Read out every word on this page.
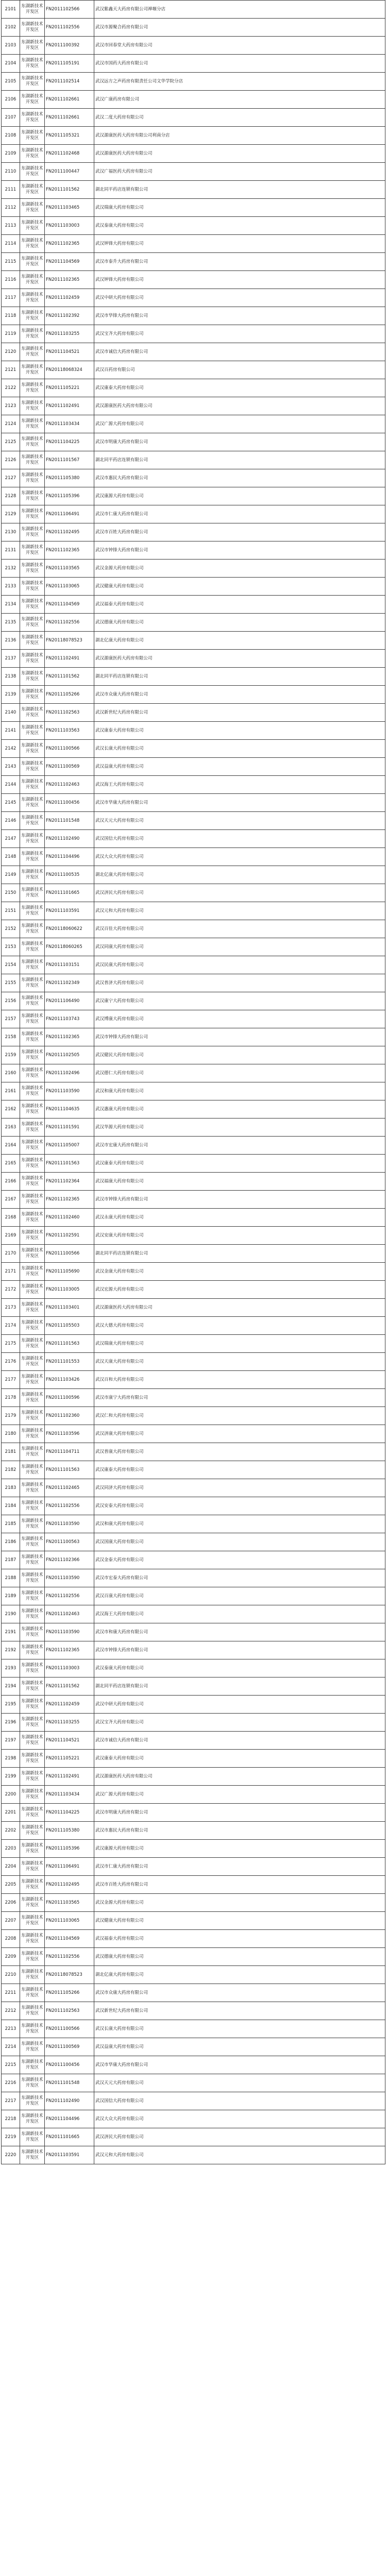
2101	东湖新技术开发区	FN2011102566	武汉紫鑫天大药房有限公司禅堰分店
2102	东湖新技术开发区	FN2011102556	武汉市源聚合药房有限公司
2103	东湖新技术开发区	FN2011100392	武汉市回春堂大药房有限公司
2104	东湖新技术开发区	FN2011105191	武汉市国药大药房有限公司
2105	东湖新技术开发区	FN2011102514	武汉远方之声药房有限责任公司文华学院分店
2106	东湖新技术开发区	FN2011102661	武汉广康药房有限公司
2107	东湖新技术开发区	FN2011102661	武汉二度大药房有限公司
2108	东湖新技术开发区	FN2011105321	武汉源康医药大药房有限公司利南分店
2109	东湖新技术开发区	FN2011102468	武汉源康医药大药房有限公司
2110	东湖新技术开发区	FN2011100447	武汉广福医药大药房有限公司
2111	东湖新技术开发区	FN2011101562	湖北同平药店连锁有限公司
2112	东湖新技术开发区	FN2011103465	武汉瑞康大药房有限公司
2113	东湖新技术开发区	FN2011103003	武汉泰康大药房有限公司
2114	东湖新技术开发区	FN2011102365	武汉钟锋大药房有限公司
2115	东湖新技术开发区	FN2011104569	武汉市泰升大药房有限公司
2116	东湖新技术开发区	FN2011102365	武汉钟锋大药房有限公司
2117	东湖新技术开发区	FN2011102459	武汉中研大药房有限公司
2118	东湖新技术开发区	FN2011102392	武汉市华锋大药房有限公司
2119	东湖新技术开发区	FN2011103255	武汉宝齐大药房有限公司
2120	东湖新技术开发区	FN2011104521	武汉市诚信大药房有限公司
2121	东湖新技术开发区	FN20118068324	武汉百药房有限公司
2122	东湖新技术开发区	FN2011105221	武汉康泰大药房有限公司
2123	东湖新技术开发区	FN2011102491	武汉源康医药大药房有限公司
2124	东湖新技术开发区	FN2011103434	武汉广源大药房有限公司
2125	东湖新技术开发区	FN2011104225	武汉市明康大药房有限公司
2126	东湖新技术开发区	FN2011101567	湖北同平药店连锁有限公司
2127	东湖新技术开发区	FN2011105380	武汉市惠民大药房有限公司
2128	东湖新技术开发区	FN2011105396	武汉康源大药房有限公司
2129	东湖新技术开发区	FN2011106491	武汉市仁康大药房有限公司
2130	东湖新技术开发区	FN2011102495	武汉市百姓大药房有限公司
2131	东湖新技术开发区	FN2011102365	武汉市钟锋大药房有限公司
2132	东湖新技术开发区	FN2011103565	武汉金源大药房有限公司
2133	东湖新技术开发区	FN2011103065	武汉健康大药房有限公司
2134	东湖新技术开发区	FN2011104569	武汉福泰大药房有限公司
2135	东湖新技术开发区	FN2011102556	武汉德康大药房有限公司
2136	东湖新技术开发区	FN20118078523	湖北亿康大药房有限公司
2137	东湖新技术开发区	FN2011102491	武汉源康医药大药房有限公司
2138	东湖新技术开发区	FN2011101562	湖北同平药店连锁有限公司
2139	东湖新技术开发区	FN2011105266	武汉市众康大药房有限公司
2140	东湖新技术开发区	FN2011102563	武汉新世纪大药房有限公司
2141	东湖新技术开发区	FN2011103563	武汉康泰大药房有限公司
2142	东湖新技术开发区	FN2011100566	武汉长康大药房有限公司
2143	东湖新技术开发区	FN2011100569	武汉益康大药房有限公司
2144	东湖新技术开发区	FN2011102463	武汉海王大药房有限公司
2145	东湖新技术开发区	FN2011100456	武汉市华康大药房有限公司
2146	东湖新技术开发区	FN2011101548	武汉天元大药房有限公司
2147	东湖新技术开发区	FN2011102490	武汉国信大药房有限公司
2148	东湖新技术开发区	FN2011104496	武汉大众大药房有限公司
2149	东湖新技术开发区	FN2011100535	湖北亿康大药房有限公司
2150	东湖新技术开发区	FN2011101665	武汉济民大药房有限公司
2151	东湖新技术开发区	FN2011103591	武汉元和大药房有限公司
2152	东湖新技术开发区	FN20118060622	武汉百佳大药房有限公司
2153	东湖新技术开发区	FN20118060265	武汉同康大药房有限公司
2154	东湖新技术开发区	FN2011103151	武汉民康大药房有限公司
2155	东湖新技术开发区	FN2011102349	武汉普济大药房有限公司
2156	东湖新技术开发区	FN2011106490	武汉康宁大药房有限公司
2157	东湖新技术开发区	FN2011103743	武汉博康大药房有限公司
2158	东湖新技术开发区	FN2011102365	武汉市钟锋大药房有限公司
2159	东湖新技术开发区	FN2011102505	武汉健民大药房有限公司
2160	东湖新技术开发区	FN2011102496	武汉德仁大药房有限公司
2161	东湖新技术开发区	FN2011103590	武汉和康大药房有限公司
2162	东湖新技术开发区	FN2011104635	武汉惠康大药房有限公司
2163	东湖新技术开发区	FN2011101591	武汉华源大药房有限公司
2164	东湖新技术开发区	FN2011105007	武汉市宏康大药房有限公司
2165	东湖新技术开发区	FN2011101563	武汉康泰大药房有限公司
2166	东湖新技术开发区	FN2011102364	武汉福康大药房有限公司
2167	东湖新技术开发区	FN2011102365	武汉市钟锋大药房有限公司
2168	东湖新技术开发区	FN2011102460	武汉永康大药房有限公司
2169	东湖新技术开发区	FN2011102591	武汉安康大药房有限公司
2170	东湖新技术开发区	FN2011100566	湖北同平药店连锁有限公司
2171	东湖新技术开发区	FN2011105690	武汉金康大药房有限公司
2172	东湖新技术开发区	FN2011103005	武汉宏源大药房有限公司
2173	东湖新技术开发区	FN2011103401	武汉源康医药大药房有限公司
2174	东湖新技术开发区	FN2011105503	武汉大德大药房有限公司
2175	东湖新技术开发区	FN2011101563	武汉瑞康大药房有限公司
2176	东湖新技术开发区	FN2011101553	武汉天康大药房有限公司
2177	东湖新技术开发区	FN2011103426	武汉百和大药房有限公司
2178	东湖新技术开发区	FN2011100596	武汉市康宁大药房有限公司
2179	东湖新技术开发区	FN2011102360	武汉仁和大药房有限公司
2180	东湖新技术开发区	FN2011103596	武汉济康大药房有限公司
2181	东湖新技术开发区	FN2011104711	武汉普康大药房有限公司
2182	东湖新技术开发区	FN2011101563	武汉康泰大药房有限公司
2183	东湖新技术开发区	FN2011102465	武汉同济大药房有限公司
2184	东湖新技术开发区	FN2011102556	武汉安泰大药房有限公司
2185	东湖新技术开发区	FN2011103590	武汉和康大药房有限公司
2186	东湖新技术开发区	FN2011100563	武汉国康大药房有限公司
2187	东湖新技术开发区	FN2011102366	武汉金泰大药房有限公司
2188	东湖新技术开发区	FN2011103590	武汉市宏泰大药房有限公司
2189	东湖新技术开发区	FN2011102556	武汉百康大药房有限公司
2190	东湖新技术开发区	FN2011102463	武汉海王大药房有限公司
2191	东湖新技术开发区	FN2011103590	武汉市和康大药房有限公司
2192	东湖新技术开发区	FN2011102365	武汉市钟锋大药房有限公司
2193	东湖新技术开发区	FN2011103003	武汉泰康大药房有限公司
2194	东湖新技术开发区	FN2011101562	湖北同平药店连锁有限公司
2195	东湖新技术开发区	FN2011102459	武汉中研大药房有限公司
2196	东湖新技术开发区	FN2011103255	武汉宝齐大药房有限公司
2197	东湖新技术开发区	FN2011104521	武汉市诚信大药房有限公司
2198	东湖新技术开发区	FN2011105221	武汉康泰大药房有限公司
2199	东湖新技术开发区	FN2011102491	武汉源康医药大药房有限公司
2200	东湖新技术开发区	FN2011103434	武汉广源大药房有限公司
2201	东湖新技术开发区	FN2011104225	武汉市明康大药房有限公司
2202	东湖新技术开发区	FN2011105380	武汉市惠民大药房有限公司
2203	东湖新技术开发区	FN2011105396	武汉康源大药房有限公司
2204	东湖新技术开发区	FN2011106491	武汉市仁康大药房有限公司
2205	东湖新技术开发区	FN2011102495	武汉市百姓大药房有限公司
2206	东湖新技术开发区	FN2011103565	武汉金源大药房有限公司
2207	东湖新技术开发区	FN2011103065	武汉健康大药房有限公司
2208	东湖新技术开发区	FN2011104569	武汉福泰大药房有限公司
2209	东湖新技术开发区	FN2011102556	武汉德康大药房有限公司
2210	东湖新技术开发区	FN20118078523	湖北亿康大药房有限公司
2211	东湖新技术开发区	FN2011105266	武汉市众康大药房有限公司
2212	东湖新技术开发区	FN2011102563	武汉新世纪大药房有限公司
2213	东湖新技术开发区	FN2011100566	武汉长康大药房有限公司
2214	东湖新技术开发区	FN2011100569	武汉益康大药房有限公司
2215	东湖新技术开发区	FN2011100456	武汉市华康大药房有限公司
2216	东湖新技术开发区	FN2011101548	武汉天元大药房有限公司
2217	东湖新技术开发区	FN2011102490	武汉国信大药房有限公司
2218	东湖新技术开发区	FN2011104496	武汉大众大药房有限公司
2219	东湖新技术开发区	FN2011101665	武汉济民大药房有限公司
2220	东湖新技术开发区	FN2011103591	武汉元和大药房有限公司
